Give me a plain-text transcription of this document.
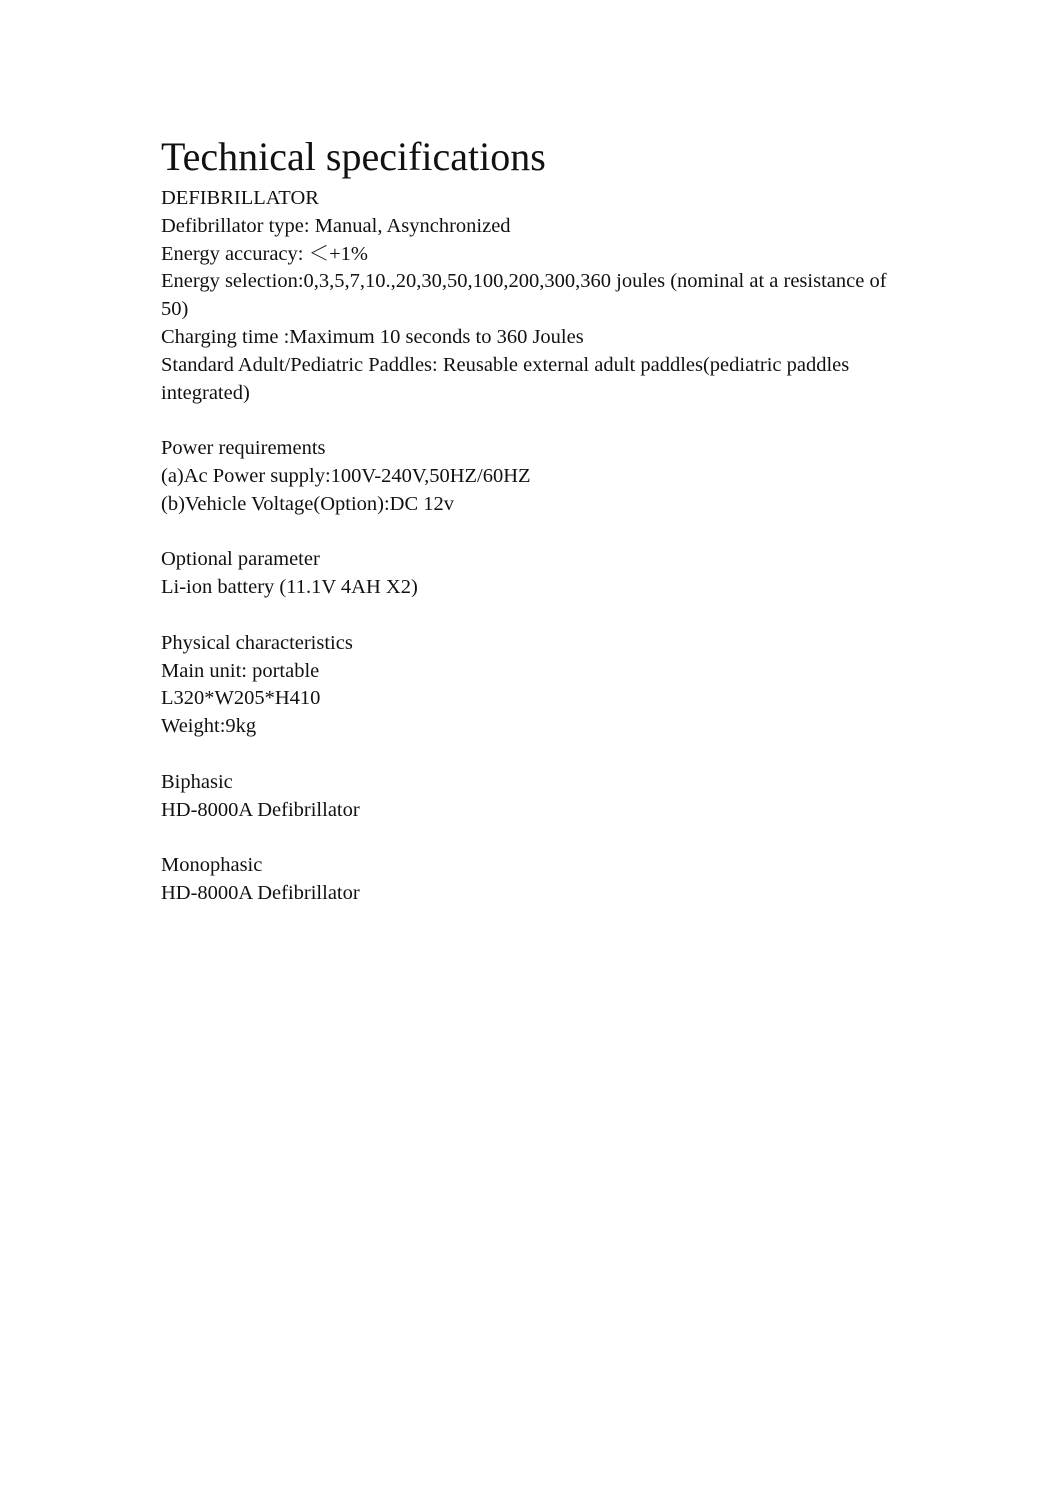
Technical specifications

DEFIBRILLATOR

Defibrillator type: Manual, Asynchronized

Energy accuracy: ＜+1%

Energy selection:0,3,5,7,10.,20,30,50,100,200,300,360 joules (nominal at a resistance of 50)

Charging time :Maximum 10 seconds to 360 Joules

Standard Adult/Pediatric Paddles: Reusable external adult paddles(pediatric paddles integrated)

Power requirements

(a)Ac Power supply:100V-240V,50HZ/60HZ

(b)Vehicle Voltage(Option):DC 12v

Optional parameter

Li-ion battery (11.1V 4AH X2)

Physical characteristics

Main unit: portable

L320*W205*H410

Weight:9kg

Biphasic

HD-8000A Defibrillator

Monophasic

HD-8000A Defibrillator
